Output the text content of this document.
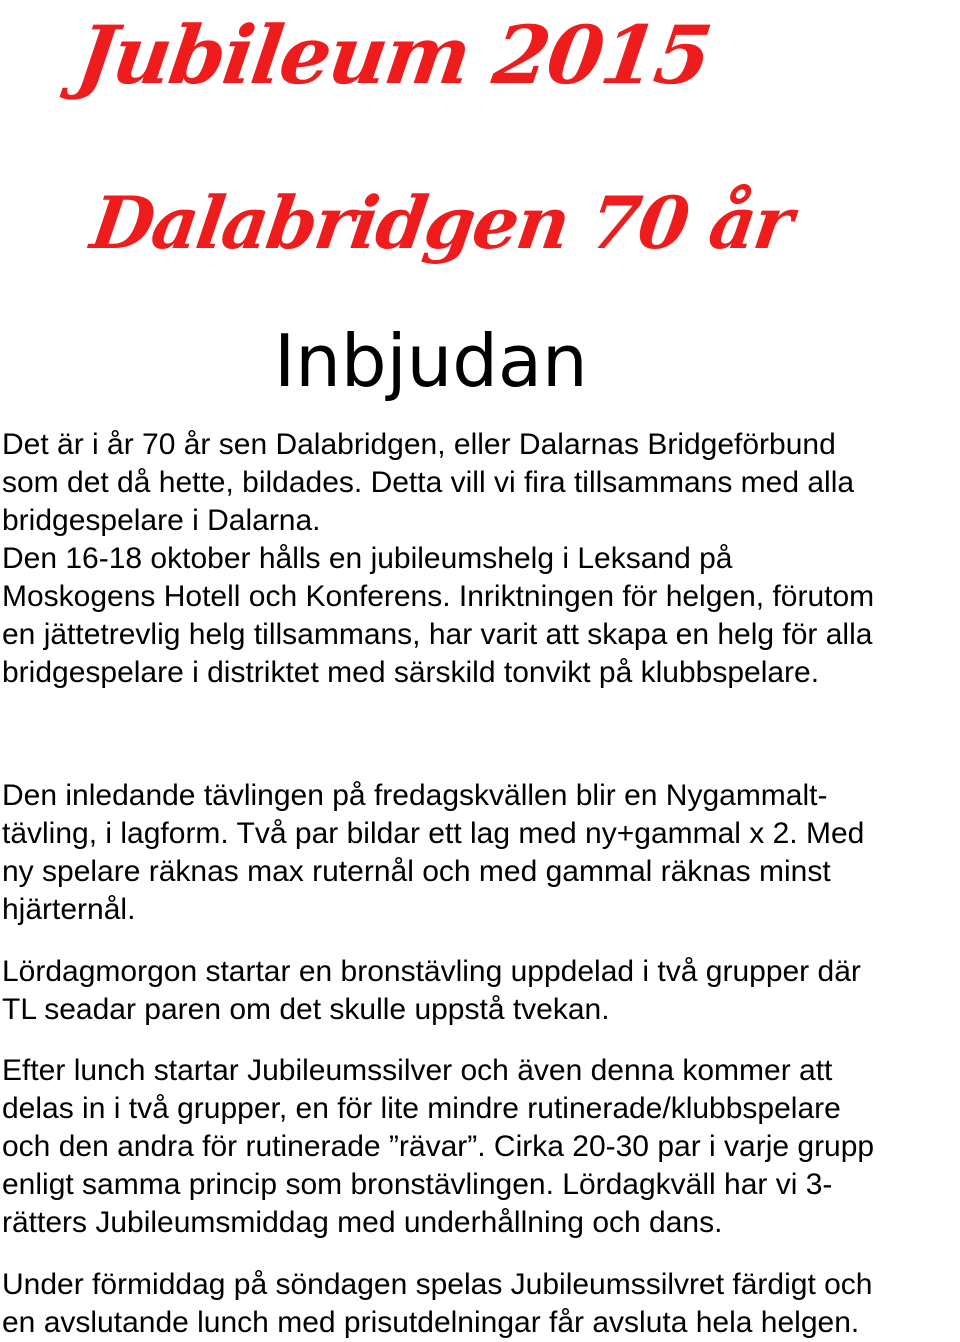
Jubileum 2015
Dalabridgen 70 år
Inbjudan

Det är i år 70 år sen Dalabridgen, eller Dalarnas Bridgeförbund
som det då hette, bildades. Detta vill vi fira tillsammans med alla
bridgespelare i Dalarna.
Den 16-18 oktober hålls en jubileumshelg i Leksand på
Moskogens Hotell och Konferens. Inriktningen för helgen, förutom
en jättetrevlig helg tillsammans, har varit att skapa en helg för alla
bridgespelare i distriktet med särskild tonvikt på klubbspelare.

Den inledande tävlingen på fredagskvällen blir en Nygammalt-
tävling, i lagform. Två par bildar ett lag med ny+gammal x 2. Med
ny spelare räknas max ruternål och med gammal räknas minst
hjärternål.

Lördagmorgon startar en bronstävling uppdelad i två grupper där
TL seadar paren om det skulle uppstå tvekan.

Efter lunch startar Jubileumssilver och även denna kommer att
delas in i två grupper, en för lite mindre rutinerade/klubbspelare
och den andra för rutinerade ”rävar”. Cirka 20-30 par i varje grupp
enligt samma princip som bronstävlingen. Lördagkväll har vi 3-
rätters Jubileumsmiddag med underhållning och dans.

Under förmiddag på söndagen spelas Jubileumssilvret färdigt och
en avslutande lunch med prisutdelningar får avsluta hela helgen.
